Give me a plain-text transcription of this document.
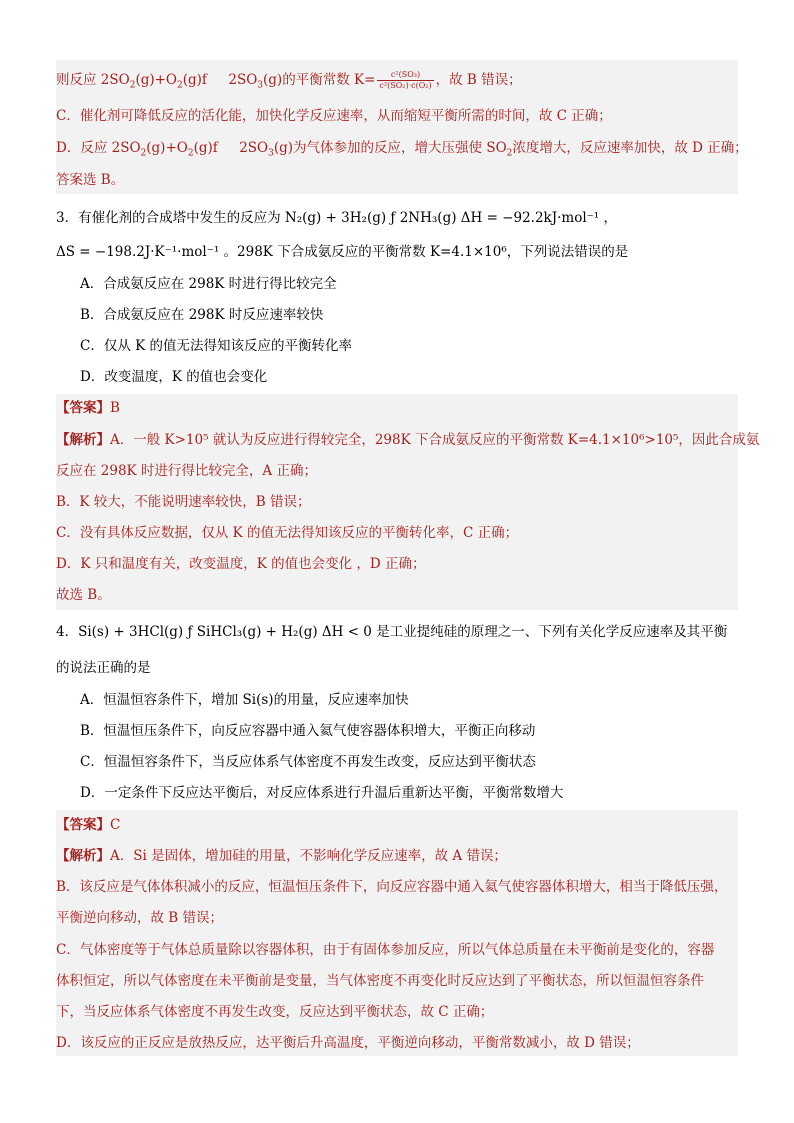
则反应 $2SO_2(g)+O_2(g)f$     $2SO_3(g)$的平衡常数 $K= \frac{\text{c²(SO₃)}}{\text{c²(SO₂)·c(O₂)}}$ ，故 B 错误；
C．催化剂可降低反应的活化能，加快化学反应速率，从而缩短平衡所需的时间，故 C 正确；
D．反应 $2SO_2(g)+O_2(g)f$     $2SO_3(g)$为气体参加的反应，增大压强使 $SO_2$浓度增大，反应速率加快，故 D 正确；
答案选 B。
3．有催化剂的合成塔中发生的反应为 N₂(g) + 3H₂(g) ƒ 2NH₃(g) ΔH = −92.2kJ·mol⁻¹ ，
ΔS = −198.2J·K⁻¹·mol⁻¹ 。298K 下合成氨反应的平衡常数 K=4.1×10⁶，下列说法错误的是
A．合成氨反应在 298K 时进行得比较完全
B．合成氨反应在 298K 时反应速率较快
C．仅从 K 的值无法得知该反应的平衡转化率
D．改变温度，K 的值也会变化
【答案】B
【解析】A．一般 K>10⁵ 就认为反应进行得较完全，298K 下合成氨反应的平衡常数 K=4.1×10⁶>10⁵，因此合成氨
反应在 298K 时进行得比较完全，A 正确；
B．K 较大，不能说明速率较快，B 错误；
C．没有具体反应数据，仅从 K 的值无法得知该反应的平衡转化率，C 正确；
D．K 只和温度有关，改变温度，K 的值也会变化 ，D 正确；
故选 B。
4．Si(s) + 3HCl(g) ƒ SiHCl₃(g) + H₂(g) ΔH < 0 是工业提纯硅的原理之一、下列有关化学反应速率及其平衡
的说法正确的是
A．恒温恒容条件下，增加 Si(s)的用量，反应速率加快
B．恒温恒压条件下，向反应容器中通入氦气使容器体积增大，平衡正向移动
C．恒温恒容条件下，当反应体系气体密度不再发生改变，反应达到平衡状态
D．一定条件下反应达平衡后，对反应体系进行升温后重新达平衡，平衡常数增大
【答案】C
【解析】A．Si 是固体，增加硅的用量，不影响化学反应速率，故 A 错误；
B．该反应是气体体积减小的反应，恒温恒压条件下，向反应容器中通入氦气使容器体积增大，相当于降低压强，
平衡逆向移动，故 B 错误；
C．气体密度等于气体总质量除以容器体积，由于有固体参加反应，所以气体总质量在未平衡前是变化的，容器
体积恒定，所以气体密度在未平衡前是变量，当气体密度不再变化时反应达到了平衡状态，所以恒温恒容条件
下，当反应体系气体密度不再发生改变，反应达到平衡状态，故 C 正确；
D．该反应的正反应是放热反应，达平衡后升高温度，平衡逆向移动，平衡常数减小，故 D 错误；
